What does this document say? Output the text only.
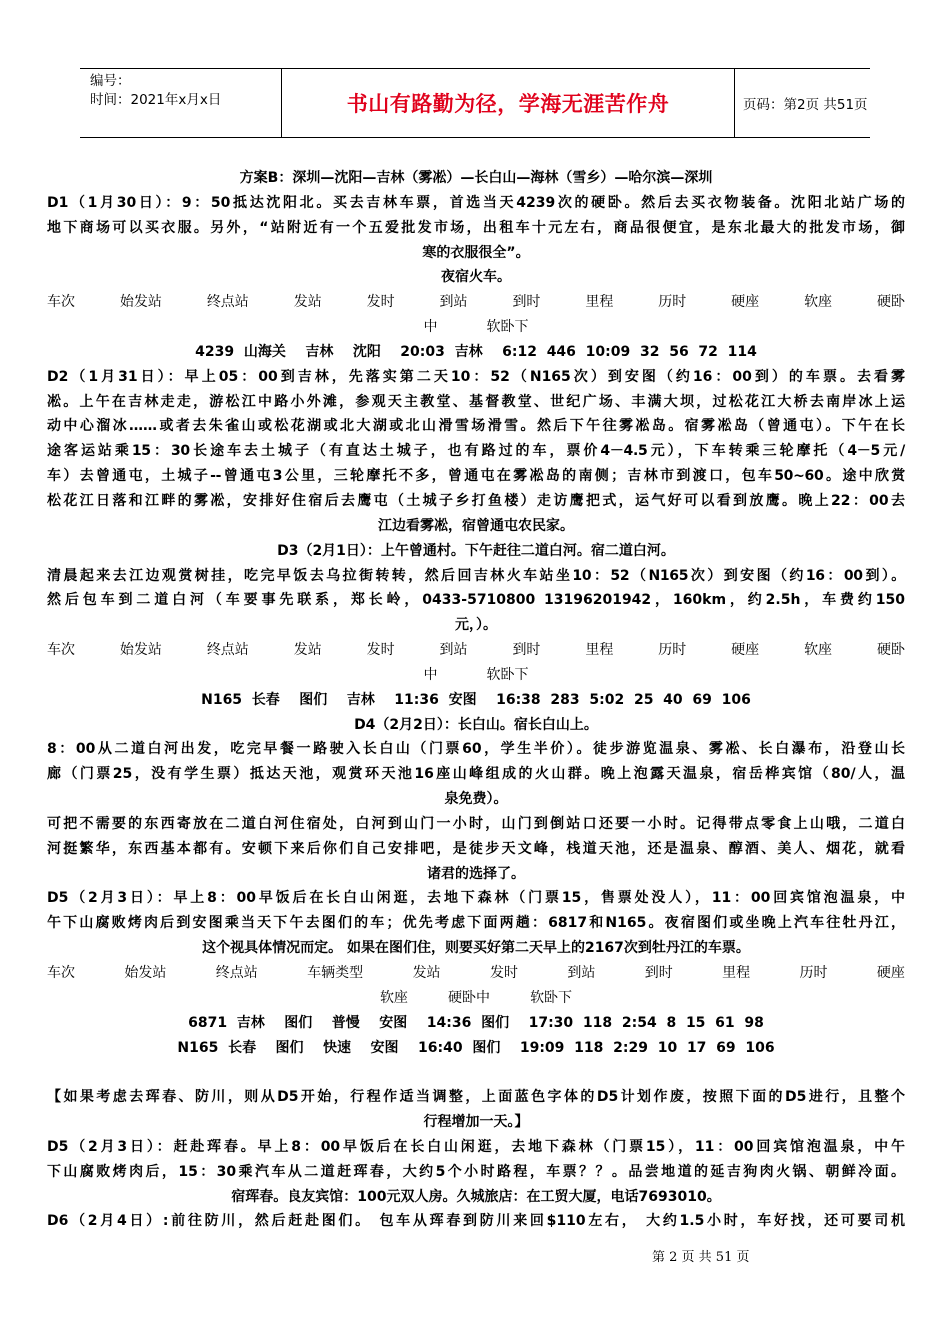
编号：
时间：2021年x月x日	书山有路勤为径，学海无涯苦作舟	页码：第2页 共51页
方案B：深圳—沈阳—吉林（雾凇）—长白山—海林（雪乡）—哈尔滨—深圳
D1（1月30日）：9：50抵达沈阳北。买去吉林车票，首选当天4239次的硬卧。然后去买衣物装备。沈阳北站广场的
地下商场可以买衣服。另外，“站附近有一个五爱批发市场，出租车十元左右，商品很便宜，是东北最大的批发市场，御
寒的衣服很全”。
夜宿火车。
车次	始发站	终点站	发站	发时	到站	到时	里程	历时	硬座	软座	硬卧
中	软卧下
4239  山海关    吉林    沈阳    20:03  吉林    6:12  446  10:09  32  56  72  114
D2（1月31日）：早上05：00到吉林，先落实第二天10：52（N165次）到安图（约16：00到）的车票。去看雾
凇。上午在吉林走走，游松江中路小外滩，参观天主教堂、基督教堂、世纪广场、丰满大坝，过松花江大桥去南岸冰上运
动中心溜冰……或者去朱雀山或松花湖或北大湖或北山滑雪场滑雪。然后下午往雾凇岛。宿雾凇岛（曾通屯）。下午在长
途客运站乘15：30长途车去土城子（有直达土城子，也有路过的车，票价4－4.5元），下车转乘三轮摩托（4－5元/
车）去曾通屯，土城子--曾通屯3公里，三轮摩托不多，曾通屯在雾凇岛的南侧；吉林市到渡口，包车50~60。途中欣赏
松花江日落和江畔的雾凇，安排好住宿后去鹰屯（土城子乡打鱼楼）走访鹰把式，运气好可以看到放鹰。晚上22：00去
江边看雾凇，宿曾通屯农民家。
D3（2月1日）：上午曾通村。下午赶往二道白河。宿二道白河。
清晨起来去江边观赏树挂，吃完早饭去乌拉街转转，然后回吉林火车站坐10：52（N165次）到安图（约16：00到）。
然后包车到二道白河（车要事先联系，郑长岭，0433-5710800 13196201942，160km，约2.5h，车费约150
元，）。
车次	始发站	终点站	发站	发时	到站	到时	里程	历时	硬座	软座	硬卧
中	软卧下
N165  长春    图们    吉林    11:36  安图    16:38  283  5:02  25  40  69  106
D4（2月2日）：长白山。宿长白山上。
8：00从二道白河出发，吃完早餐一路驶入长白山（门票60，学生半价）。徒步游览温泉、雾凇、长白瀑布，沿登山长
廊（门票25，没有学生票）抵达天池，观赏环天池16座山峰组成的火山群。晚上泡露天温泉，宿岳桦宾馆（80/人，温
泉免费）。
可把不需要的东西寄放在二道白河住宿处，白河到山门一小时，山门到倒站口还要一小时。记得带点零食上山哦，二道白
河挺繁华，东西基本都有。安顿下来后你们自己安排吧，是徒步天文峰，栈道天池，还是温泉、醇酒、美人、烟花，就看
诸君的选择了。
D5（2月3日）：早上8：00早饭后在长白山闲逛，去地下森林（门票15，售票处没人），11：00回宾馆泡温泉，中
午下山腐败烤肉后到安图乘当天下午去图们的车；优先考虑下面两趟：6817和N165。夜宿图们或坐晚上汽车往牡丹江，
这个视具体情况而定。 如果在图们住，则要买好第二天早上的2167次到牡丹江的车票。
车次	始发站	终点站	车辆类型	发站	发时	到站	到时	里程	历时	硬座
软座	硬卧中	软卧下
6871  吉林    图们    普慢    安图    14:36  图们    17:30  118  2:54  8  15  61  98
N165  长春    图们    快速    安图    16:40  图们    19:09  118  2:29  10  17  69  106
【如果考虑去珲春、防川，则从D5开始，行程作适当调整，上面蓝色字体的D5计划作废，按照下面的D5进行，且整个
行程增加一天。】
D5（2月3日）：赶赴珲春。早上8：00早饭后在长白山闲逛，去地下森林（门票15），11：00回宾馆泡温泉，中午
下山腐败烤肉后，15：30乘汽车从二道赶珲春，大约5个小时路程，车票？？。品尝地道的延吉狗肉火锅、朝鲜冷面。
宿珲春。良友宾馆：100元双人房。久城旅店：在工贸大厦，电话7693010。
D6（2月4日）:前往防川，然后赶赴图们。 包车从珲春到防川来回$110左右， 大约1.5小时，车好找，还可要司机
第 2 页 共 51 页
